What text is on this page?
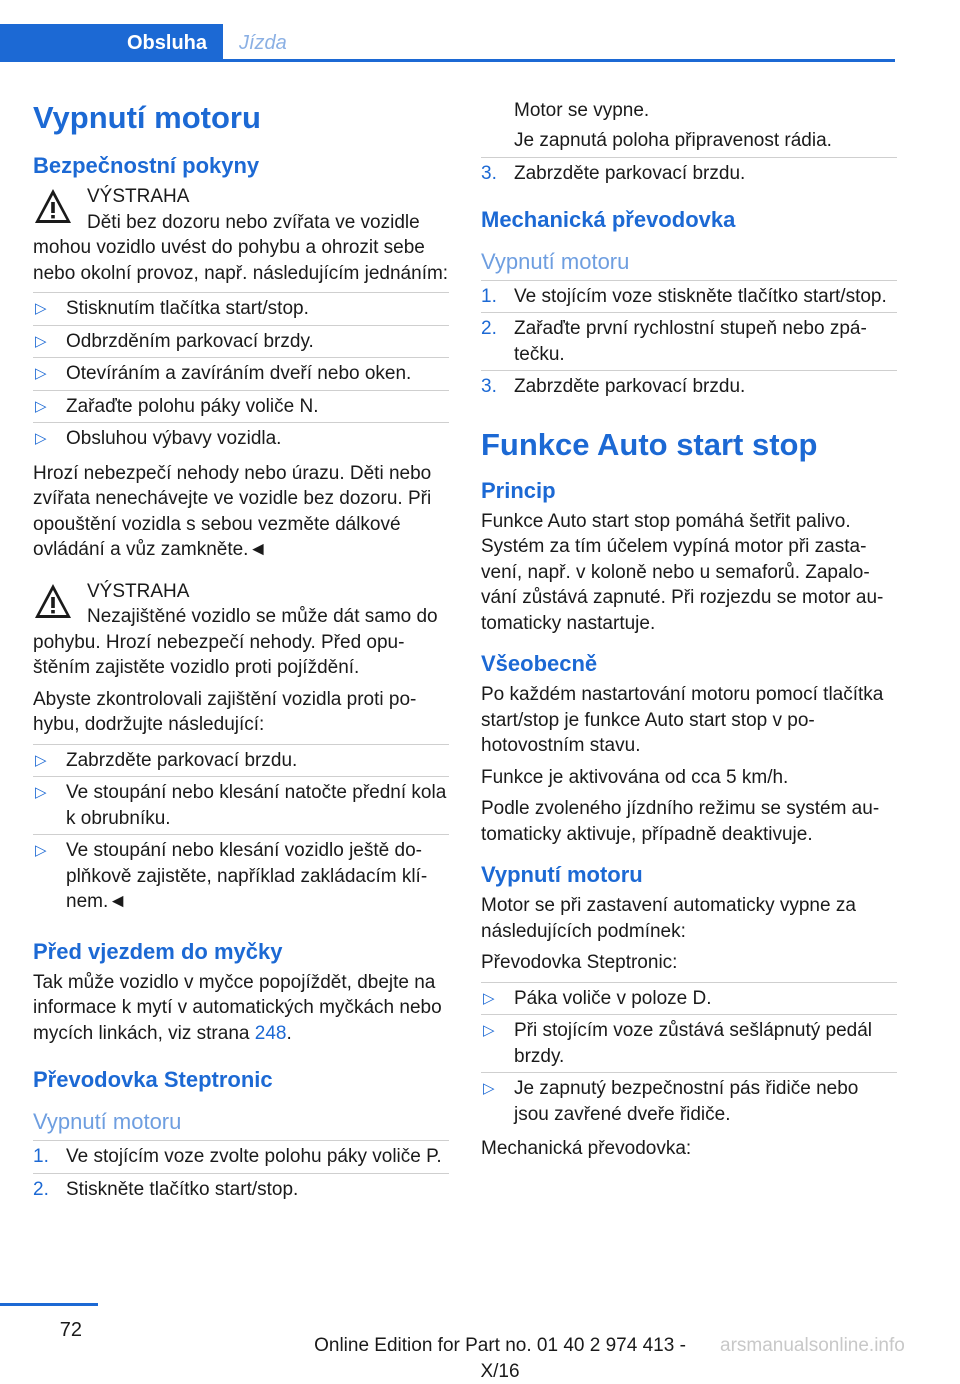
Obsluha	Jízda
Vypnutí motoru
Bezpečnostní pokyny
VÝSTRAHA
Děti bez dozoru nebo zvířata ve vozidle mohou vozidlo uvést do pohybu a ohrozit sebe nebo okolní provoz, např. následujícím jednáním:
▷ Stisknutím tlačítka start/stop.
▷ Odbrzděním parkovací brzdy.
▷ Otevíráním a zavíráním dveří nebo oken.
▷ Zařaďte polohu páky voliče N.
▷ Obsluhou výbavy vozidla.

Hrozí nebezpečí nehody nebo úrazu. Děti nebo zvířata nenechávejte ve vozidle bez dozoru. Při opouštění vozidla s sebou vezměte dálkové ovládání a vůz zamkněte.◄

VÝSTRAHA
Nezajištěné vozidlo se může dát samo do pohybu. Hrozí nebezpečí nehody. Před opuštěním zajistěte vozidlo proti pojíždění.

Abyste zkontrolovali zajištění vozidla proti pohybu, dodržujte následující:

▷ Zabrzděte parkovací brzdu.
▷ Ve stoupání nebo klesání natočte přední kola k obrubníku.
▷ Ve stoupání nebo klesání vozidlo ještě doplňkově zajistěte, například zakládacím klínem.◄
Před vjezdem do myčky

Tak může vozidlo v myčce popojíždět, dbejte na informace k mytí v automatických myčkách nebo mycích linkách, viz strana 248.

Převodovka Steptronic
Vypnutí motoru
1. Ve stojícím voze zvolte polohu páky voliče P.
2. Stiskněte tlačítko start/stop.

Motor se vypne.

Je zapnutá poloha připravenost rádia.

3. Zabrzděte parkovací brzdu.
Mechanická převodovka
Vypnutí motoru
1. Ve stojícím voze stiskněte tlačítko start/stop.
2. Zařaďte první rychlostní stupeň nebo zpátečku.
3. Zabrzděte parkovací brzdu.
Funkce Auto start stop
Princip

Funkce Auto start stop pomáhá šetřit palivo. Systém za tím účelem vypíná motor při zastavení, např. v koloně nebo u semaforů. Zapalování zůstává zapnuté. Při rozjezdu se motor automaticky nastartuje.

Všeobecně

Po každém nastartování motoru pomocí tlačítka start/stop je funkce Auto start stop v pohotovostním stavu.

Funkce je aktivována od cca 5 km/h.

Podle zvoleného jízdního režimu se systém automaticky aktivuje, případně deaktivuje.

Vypnutí motoru

Motor se při zastavení automaticky vypne za následujících podmínek:

Převodovka Steptronic:

▷ Páka voliče v poloze D.
▷ Při stojícím voze zůstává sešlápnutý pedál brzdy.
▷ Je zapnutý bezpečnostní pás řidiče nebo jsou zavřené dveře řidiče.

Mechanická převodovka:

72
Online Edition for Part no. 01 40 2 974 413 - X/16
arsmanualsonline.info
